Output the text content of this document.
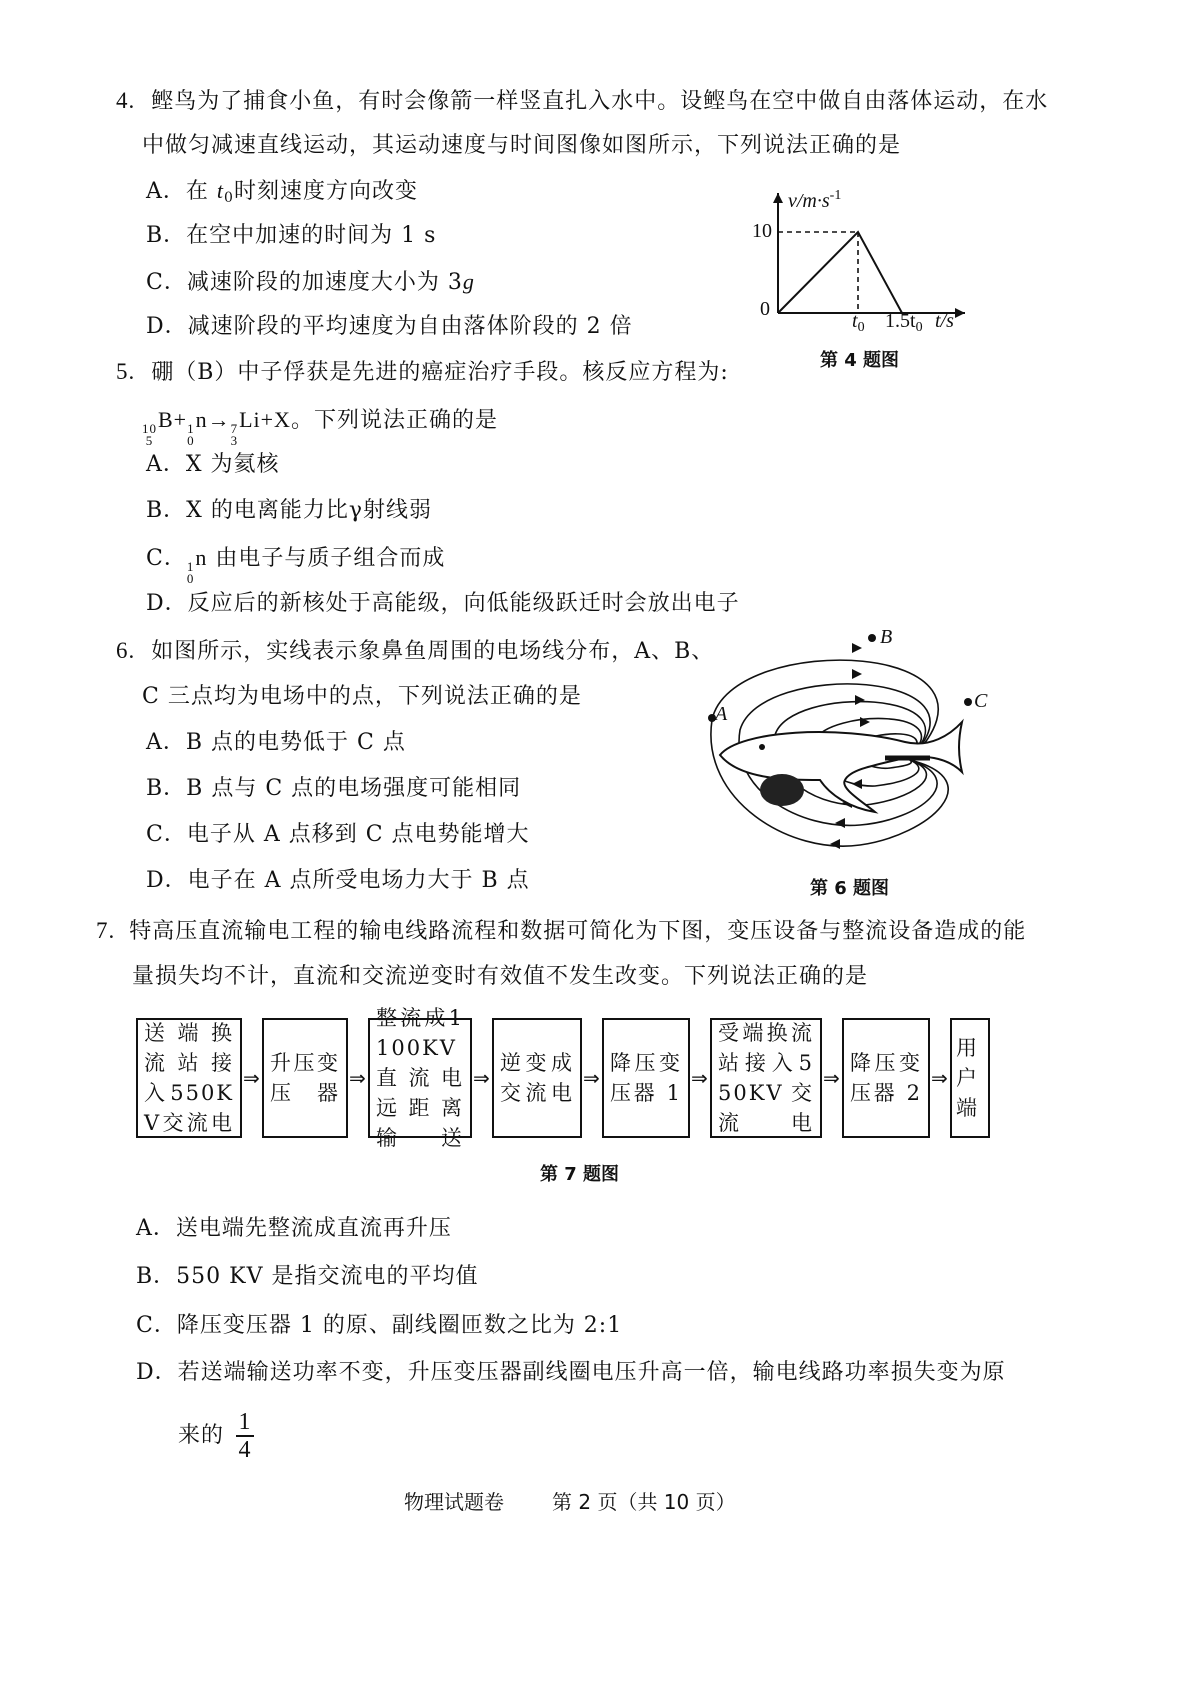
4. 鲣鸟为了捕食小鱼，有时会像箭一样竖直扎入水中。设鲣鸟在空中做自由落体运动，在水
中做匀减速直线运动，其运动速度与时间图像如图所示，下列说法正确的是
A．在 $t_0$时刻速度方向改变
B．在空中加速的时间为 1 s
C．减速阶段的加速度大小为 3g
D．减速阶段的平均速度为自由落体阶段的 2 倍
$v/m\cdot s^{-1}$
10
0
$t_0$ $1.5t_0$ t/s
第 4 题图
5. 硼（B）中子俘获是先进的癌症治疗手段。核反应方程为:
10
5
B+ 1
0
n→ 7
3
Li+X。下列说法正确的是
A．X 为氦核
B．X 的电离能力比γ射线弱
C． 1
0
n 由电子与质子组合而成
D．反应后的新核处于高能级，向低能级跃迁时会放出电子
6. 如图所示，实线表示象鼻鱼周围的电场线分布，A、B、
C 三点均为电场中的点，下列说法正确的是
A．B 点的电势低于 C 点
B．B 点与 C 点的电场强度可能相同
C．电子从 A 点移到 C 点电势能增大
D．电子在 A 点所受电场力大于 B 点
A
B
C
第 6 题图
7. 特高压直流输电工程的输电线路流程和数据可简化为下图，变压设备与整流设备造成的能
量损失均不计，直流和交流逆变时有效值不发生改变。下列说法正确的是
送端换流站接入550KV交流电
⇒
升压变压器
⇒
整流成1100KV直流电远距离输送
⇒
逆变成交流电
⇒
降压变压器 1
⇒
受端换流站接入550KV交流电
⇒
降压变压器 2
⇒
用户端
第 7 题图
A．送电端先整流成直流再升压
B．550 KV 是指交流电的平均值
C．降压变压器 1 的原、副线圈匝数之比为 2:1
D．若送端输送功率不变，升压变压器副线圈电压升高一倍，输电线路功率损失变为原
来的 $\frac{1}{4}$
物理试题卷 第 2 页（共 10 页）
